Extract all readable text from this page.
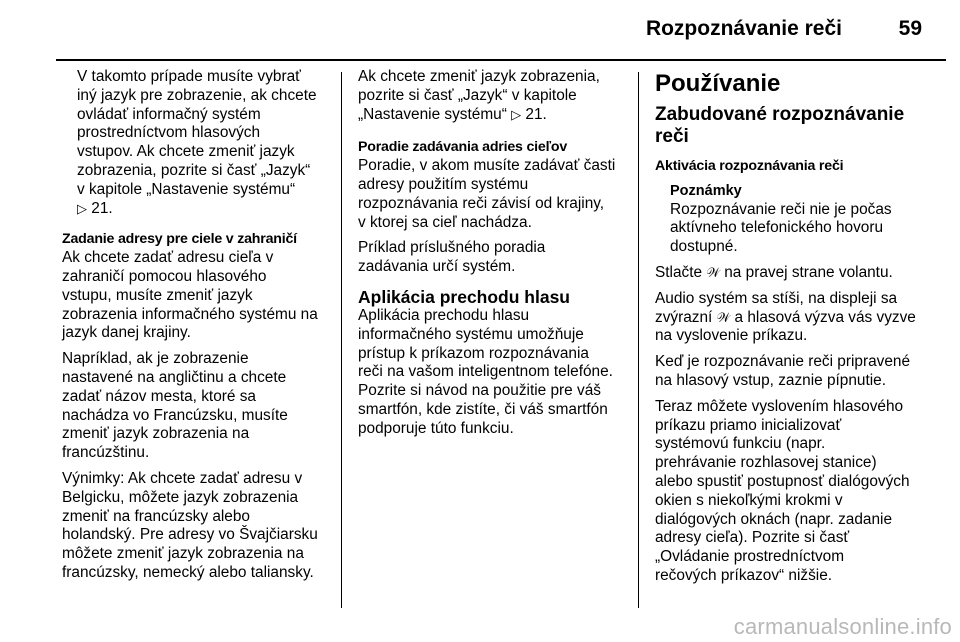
Rozpoznávanie reči	59

V takomto prípade musíte vybrať
iný jazyk pre zobrazenie, ak chcete
ovládať informačný systém
prostredníctvom hlasových
vstupov. Ak chcete zmeniť jazyk
zobrazenia, pozrite si časť „Jazyk“
v kapitole „Nastavenie systému“
▷ 21.

Zadanie adresy pre ciele v zahraničí
Ak chcete zadať adresu cieľa v
zahraničí pomocou hlasového
vstupu, musíte zmeniť jazyk
zobrazenia informačného systému na
jazyk danej krajiny.

Napríklad, ak je zobrazenie
nastavené na angličtinu a chcete
zadať názov mesta, ktoré sa
nachádza vo Francúzsku, musíte
zmeniť jazyk zobrazenia na
francúzštinu.

Výnimky: Ak chcete zadať adresu v
Belgicku, môžete jazyk zobrazenia
zmeniť na francúzsky alebo
holandský. Pre adresy vo Švajčiarsku
môžete zmeniť jazyk zobrazenia na
francúzsky, nemecký alebo taliansky.

Ak chcete zmeniť jazyk zobrazenia,
pozrite si časť „Jazyk“ v kapitole
„Nastavenie systému“ ▷ 21.

Poradie zadávania adries cieľov
Poradie, v akom musíte zadávať časti
adresy použitím systému
rozpoznávania reči závisí od krajiny,
v ktorej sa cieľ nachádza.

Príklad príslušného poradia
zadávania určí systém.

Aplikácia prechodu hlasu

Aplikácia prechodu hlasu
informačného systému umožňuje
prístup k príkazom rozpoznávania
reči na vašom inteligentnom telefóne.
Pozrite si návod na použitie pre váš
smartfón, kde zistíte, či váš smartfón
podporuje túto funkciu.

Používanie
Zabudované rozpoznávanie
reči
Aktivácia rozpoznávania reči

Poznámky
Rozpoznávanie reči nie je počas
aktívneho telefonického hovoru
dostupné.

Stlačte 𝒲 na pravej strane volantu.

Audio systém sa stíši, na displeji sa
zvýrazní 𝒲 a hlasová výzva vás vyzve
na vyslovenie príkazu.

Keď je rozpoznávanie reči pripravené
na hlasový vstup, zaznie pípnutie.

Teraz môžete vyslovením hlasového
príkazu priamo inicializovať
systémovú funkciu (napr.
prehrávanie rozhlasovej stanice)
alebo spustiť postupnosť dialógových
okien s niekoľkými krokmi v
dialógových oknách (napr. zadanie
adresy cieľa). Pozrite si časť
„Ovládanie prostredníctvom
rečových príkazov“ nižšie.

carmanualsonline.info
